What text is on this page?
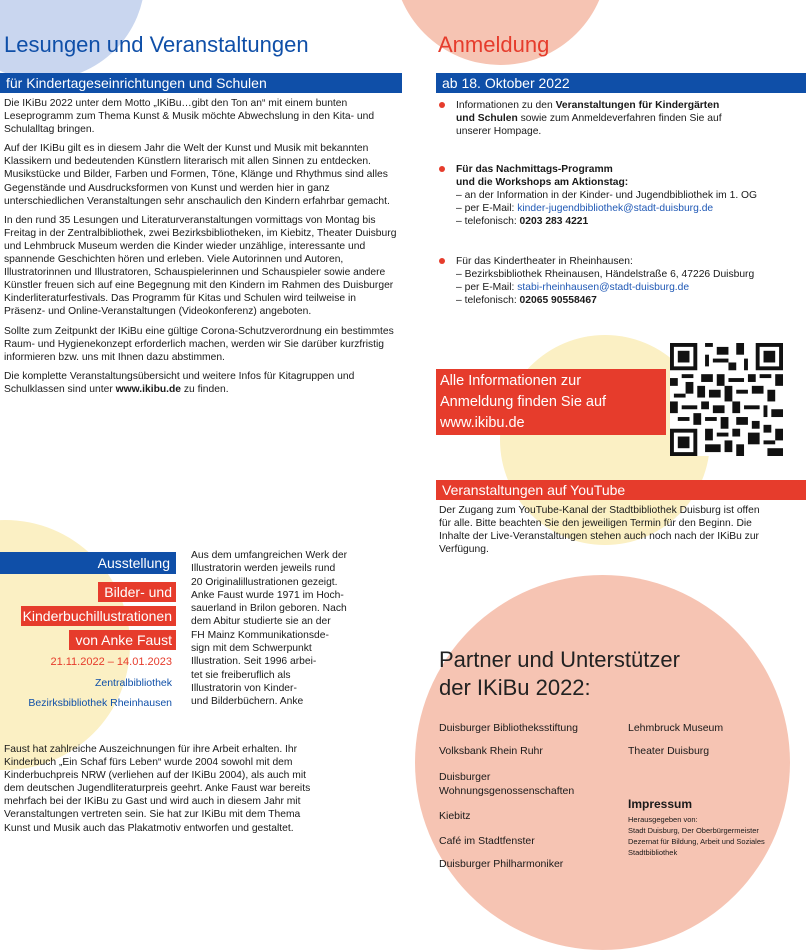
Lesungen und Veranstaltungen
für Kindertageseinrichtungen und Schulen

Die IKiBu 2022 unter dem Motto „IKiBu…gibt den Ton an“ mit einem bunten Leseprogramm zum Thema Kunst & Musik möchte Abwechslung in den Kita- und Schulalltag bringen.

Auf der IKiBu gilt es in diesem Jahr die Welt der Kunst und Musik mit bekannten Klassikern und bedeutenden Künstlern literarisch mit allen Sinnen zu entdecken. Musikstücke und Bilder, Farben und Formen, Töne, Klänge und Rhythmus sind alles Gegenstände und Ausdrucksformen von Kunst und werden hier in ganz unterschiedlichen Veranstaltungen sehr anschaulich den Kindern erfahrbar gemacht.

In den rund 35 Lesungen und Literaturveranstaltungen vormittags von Montag bis Freitag in der Zentralbibliothek, zwei Bezirksbibliotheken, im Kiebitz, Theater Duisburg und Lehmbruck Museum werden die Kinder wieder unzählige, interessante und spannende Geschichten hören und erleben. Viele Autorinnen und Autoren, Illustratorinnen und Illustratoren, Schauspielerinnen und Schauspieler sowie andere Künstler freuen sich auf eine Begegnung mit den Kindern im Rahmen des Duisburger Kinderliteraturfestivals. Das Programm für Kitas und Schulen wird teilweise in Präsenz- und Online-Veranstaltungen (Videokonferenz) angeboten.

Sollte zum Zeitpunkt der IKiBu eine gültige Corona-Schutzverordnung ein bestimmtes Raum- und Hygienekonzept erforderlich machen, werden wir Sie darüber kurzfristig informieren bzw. uns mit Ihnen dazu abstimmen.

Die komplette Veranstaltungsübersicht und weitere Infos für Kitagruppen und Schulklassen sind unter www.ikibu.de zu finden.

Ausstellung
Bilder- und
Kinderbuchillustrationen
von Anke Faust
21.11.2022 – 14.01.2023
Zentralbibliothek
Bezirksbibliothek Rheinhausen
Aus dem umfangreichen Werk der
Illustratorin werden jeweils rund
20 Originalillustrationen gezeigt.
Anke Faust wurde 1971 im Hoch-
sauerland in Brilon geboren. Nach
dem Abitur studierte sie an der
FH Mainz Kommunikationsde-
sign mit dem Schwerpunkt
Illustration. Seit 1996 arbei-
tet sie freiberuflich als
Illustratorin von Kinder-
und Bilderbüchern. Anke
Faust hat zahlreiche Auszeichnungen für ihre Arbeit erhalten. Ihr Kinderbuch „Ein Schaf fürs Leben“ wurde 2004 sowohl mit dem Kinderbuchpreis NRW (verliehen auf der IKiBu 2004), als auch mit dem deutschen Jugendliteraturpreis geehrt. Anke Faust war bereits mehrfach bei der IKiBu zu Gast und wird auch in diesem Jahr mit Veranstaltungen vertreten sein. Sie hat zur IKiBu mit dem Thema Kunst und Musik auch das Plakatmotiv entworfen und gestaltet.
Anmeldung
ab 18. Oktober 2022
Informationen zu den Veranstaltungen für Kindergärten
und Schulen sowie zum Anmeldeverfahren finden Sie auf
unserer Hompage.
Für das Nachmittags-Programm
und die Workshops am Aktionstag:
– an der Information in der Kinder- und Jugendbibliothek im 1. OG
– per E-Mail: kinder-jugendbibliothek@stadt-duisburg.de
– telefonisch: 0203 283 4221
Für das Kindertheater in Rheinhausen:
– Bezirksbibliothek Rheinausen, Händelstraße 6, 47226 Duisburg
– per E-Mail: stabi-rheinhausen@stadt-duisburg.de
– telefonisch: 02065 90558467
Alle Informationen zur
Anmeldung finden Sie auf
www.ikibu.de
Veranstaltungen auf YouTube
Der Zugang zum YouTube-Kanal der Stadtbibliothek Duisburg ist offen für alle. Bitte beachten Sie den jeweiligen Termin für den Beginn. Die Inhalte der Live-Veranstaltungen stehen auch noch nach der IKiBu zur Verfügung.
Partner und Unterstützer
der IKiBu 2022:
Duisburger Bibliotheksstiftung
Volksbank Rhein Ruhr
Duisburger
Wohnungsgenossenschaften
Kiebitz
Café im Stadtfenster
Duisburger Philharmoniker
Lehmbruck Museum
Theater Duisburg
Impressum
Herausgegeben von:
Stadt Duisburg, Der Oberbürgermeister
Dezernat für Bildung, Arbeit und Soziales
Stadtbibliothek
